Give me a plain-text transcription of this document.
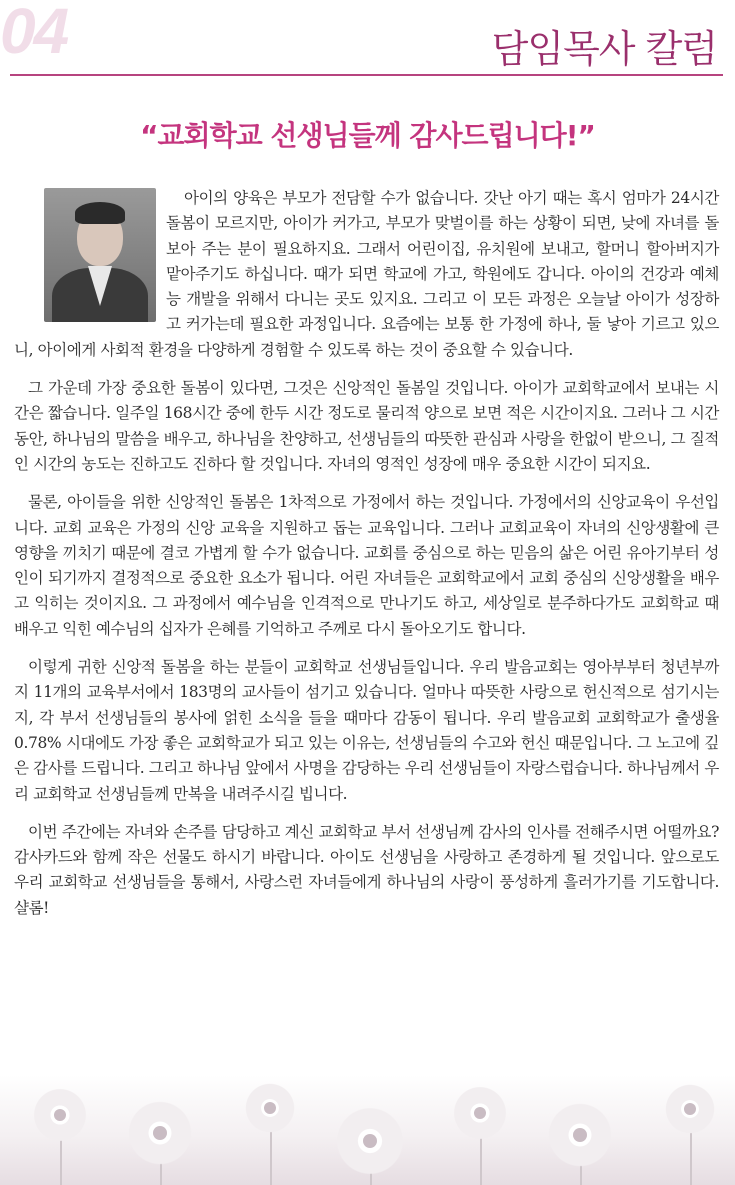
04	담임목사 칼럼
“교회학교 선생님들께 감사드립니다!”

아이의 양육은 부모가 전담할 수가 없습니다. 갓난 아기 때는 혹시 엄마가 24시간 돌봄이 모르지만, 아이가 커가고, 부모가 맞벌이를 하는 상황이 되면, 낮에 자녀를 돌보아 주는 분이 필요하지요. 그래서 어린이집, 유치원에 보내고, 할머니 할아버지가 맡아주기도 하십니다. 때가 되면 학교에 가고, 학원에도 갑니다. 아이의 건강과 예체능 개발을 위해서 다니는 곳도 있지요. 그리고 이 모든 과정은 오늘날 아이가 성장하고 커가는데 필요한 과정입니다. 요즘에는 보통 한 가정에 하나, 둘 낳아 기르고 있으니, 아이에게 사회적 환경을 다양하게 경험할 수 있도록 하는 것이 중요할 수 있습니다.

그 가운데 가장 중요한 돌봄이 있다면, 그것은 신앙적인 돌봄일 것입니다. 아이가 교회학교에서 보내는 시간은 짧습니다. 일주일 168시간 중에 한두 시간 정도로 물리적 양으로 보면 적은 시간이지요. 그러나 그 시간 동안, 하나님의 말씀을 배우고, 하나님을 찬양하고, 선생님들의 따뜻한 관심과 사랑을 한없이 받으니, 그 질적인 시간의 농도는 진하고도 진하다 할 것입니다. 자녀의 영적인 성장에 매우 중요한 시간이 되지요.

물론, 아이들을 위한 신앙적인 돌봄은 1차적으로 가정에서 하는 것입니다. 가정에서의 신앙교육이 우선입니다. 교회 교육은 가정의 신앙 교육을 지원하고 돕는 교육입니다. 그러나 교회교육이 자녀의 신앙생활에 큰 영향을 끼치기 때문에 결코 가볍게 할 수가 없습니다. 교회를 중심으로 하는 믿음의 삶은 어린 유아기부터 성인이 되기까지 결정적으로 중요한 요소가 됩니다. 어린 자녀들은 교회학교에서 교회 중심의 신앙생활을 배우고 익히는 것이지요. 그 과정에서 예수님을 인격적으로 만나기도 하고, 세상일로 분주하다가도 교회학교 때 배우고 익힌 예수님의 십자가 은혜를 기억하고 주께로 다시 돌아오기도 합니다.

이렇게 귀한 신앙적 돌봄을 하는 분들이 교회학교 선생님들입니다. 우리 발음교회는 영아부부터 청년부까지 11개의 교육부서에서 183명의 교사들이 섬기고 있습니다. 얼마나 따뜻한 사랑으로 헌신적으로 섬기시는지, 각 부서 선생님들의 봉사에 얽힌 소식을 들을 때마다 감동이 됩니다. 우리 발음교회 교회학교가 출생율 0.78% 시대에도 가장 좋은 교회학교가 되고 있는 이유는, 선생님들의 수고와 헌신 때문입니다. 그 노고에 깊은 감사를 드립니다. 그리고 하나님 앞에서 사명을 감당하는 우리 선생님들이 자랑스럽습니다. 하나님께서 우리 교회학교 선생님들께 만복을 내려주시길 빕니다.

이번 주간에는 자녀와 손주를 담당하고 계신 교회학교 부서 선생님께 감사의 인사를 전해주시면 어떨까요? 감사카드와 함께 작은 선물도 하시기 바랍니다. 아이도 선생님을 사랑하고 존경하게 될 것입니다. 앞으로도 우리 교회학교 선생님들을 통해서, 사랑스런 자녀들에게 하나님의 사랑이 풍성하게 흘러가기를 기도합니다. 샬롬!
